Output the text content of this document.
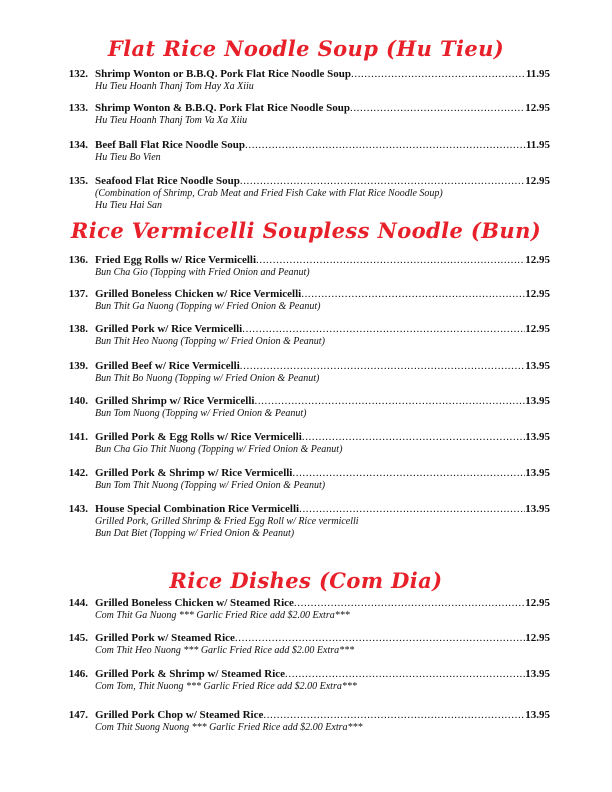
Flat Rice Noodle Soup (Hu Tieu)
132. Shrimp Wonton or B.B.Q. Pork Flat Rice Noodle Soup .....	11.95
Hu Tieu Hoanh Thanj Tom Hay Xa Xiiu
133. Shrimp Wonton & B.B.Q. Pork Flat Rice Noodle Soup .....	12.95
Hu Tieu Hoanh Thanj Tom Va Xa Xiiu
134. Beef Ball Flat Rice Noodle Soup .....	11.95
Hu Tieu Bo Vien
135. Seafood Flat Rice Noodle Soup .....	12.95
(Combination of Shrimp, Crab Meat and Fried Fish Cake with Flat Rice Noodle Soup)
Hu Tieu Hai San
Rice Vermicelli Soupless Noodle (Bun)
136. Fried Egg Rolls w/ Rice Vermicelli .....	12.95
Bun Cha Gio (Topping with Fried Onion and Peanut)
137. Grilled Boneless Chicken w/ Rice Vermicelli .....	12.95
Bun Thit Ga Nuong (Topping w/ Fried Onion & Peanut)
138. Grilled Pork w/ Rice Vermicelli .....	12.95
Bun Thit Heo Nuong (Topping w/ Fried Onion & Peanut)
139. Grilled Beef w/ Rice Vermicelli .....	13.95
Bun Thit Bo Nuong (Topping w/ Fried Onion & Peanut)
140. Grilled Shrimp w/ Rice Vermicelli .....	13.95
Bun Tom Nuong (Topping w/ Fried Onion & Peanut)
141. Grilled Pork & Egg Rolls w/ Rice Vermicelli .....	13.95
Bun Cha Gio Thit Nuong (Topping w/ Fried Onion & Peanut)
142. Grilled Pork & Shrimp w/ Rice Vermicelli .....	13.95
Bun Tom Thit Nuong (Topping w/ Fried Onion & Peanut)
143. House Special Combination Rice Vermicelli .....	13.95
Grilled Pork, Grilled Shrimp & Fried Egg Roll w/ Rice vermicelli
Bun Dat Biet (Topping w/ Fried Onion & Peanut)
Rice Dishes (Com Dia)
144. Grilled Boneless Chicken w/ Steamed Rice .....	12.95
Com Thit Ga Nuong *** Garlic Fried Rice add $2.00 Extra***
145. Grilled Pork w/ Steamed Rice .....	12.95
Com Thit Heo Nuong *** Garlic Fried Rice add $2.00 Extra***
146. Grilled Pork & Shrimp w/ Steamed Rice .....	13.95
Com Tom, Thit Nuong *** Garlic Fried Rice add $2.00 Extra***
147. Grilled Pork Chop w/ Steamed Rice .....	13.95
Com Thit Suong Nuong *** Garlic Fried Rice add $2.00 Extra***
